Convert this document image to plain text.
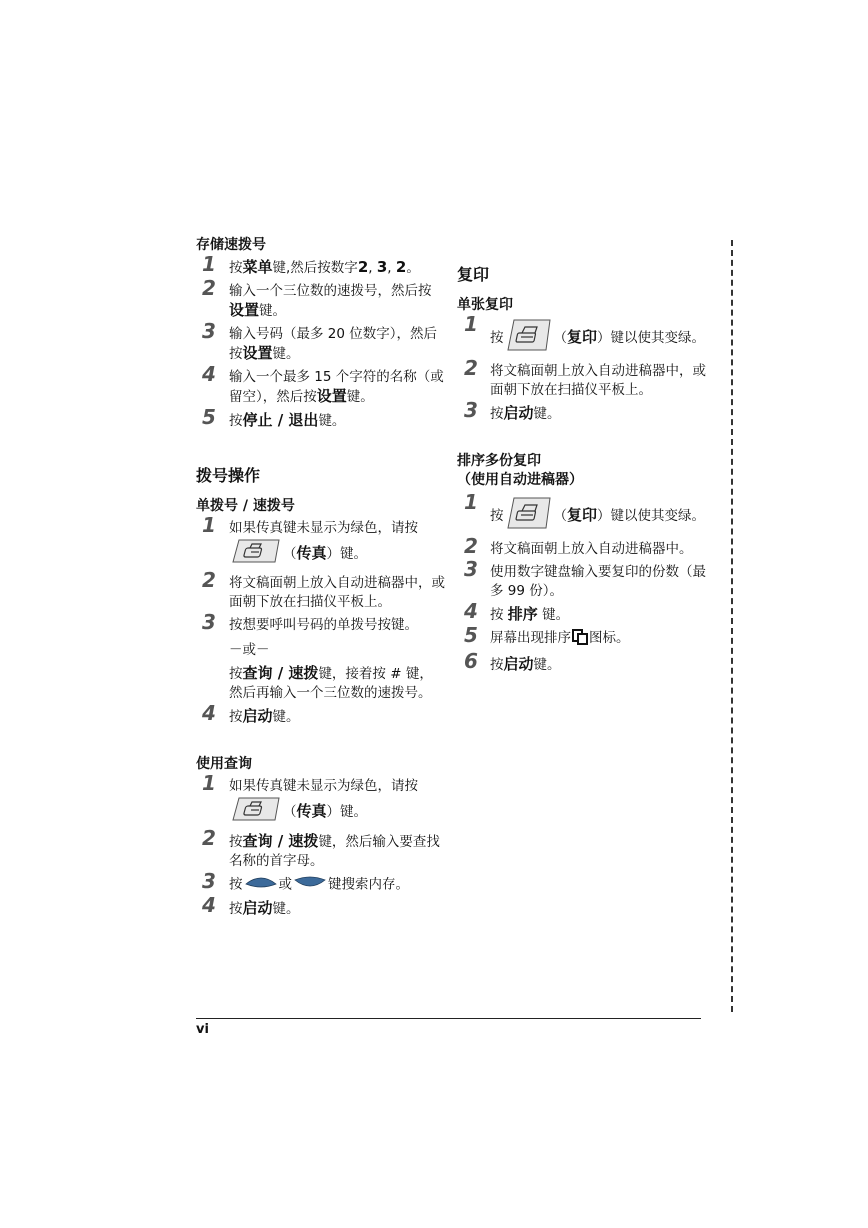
存储速拨号
1 按菜单键,然后按数字2, 3, 2。
2 输入一个三位数的速拨号，然后按设置键。
3 输入号码（最多 20 位数字），然后按设置键。
4 输入一个最多 15 个字符的名称（或留空），然后按设置键。
5 按停止 / 退出键。
拨号操作
单拨号 / 速拨号
1 如果传真键未显示为绿色，请按（传真）键。
2 将文稿面朝上放入自动进稿器中，或面朝下放在扫描仪平板上。
3 按想要呼叫号码的单拨号按键。
－或－
按查询 / 速拨键，接着按 # 键，然后再输入一个三位数的速拨号。
4 按启动键。
使用查询
1 如果传真键未显示为绿色，请按（传真）键。
2 按查询 / 速拨键，然后输入要查找名称的首字母。
3 按	或	键搜索内存。
4 按启动键。
复印
单张复印
1
按	（复印）键以使其变绿。
2 将文稿面朝上放入自动进稿器中，或面朝下放在扫描仪平板上。
3 按启动键。
排序多份复印
（使用自动进稿器）
1
按	（复印）键以使其变绿。
2 将文稿面朝上放入自动进稿器中。
3 使用数字键盘输入要复印的份数（最多 99 份）。
4 按 排序 键。
5 屏幕出现排序 图标。
6 按启动键。
vi
